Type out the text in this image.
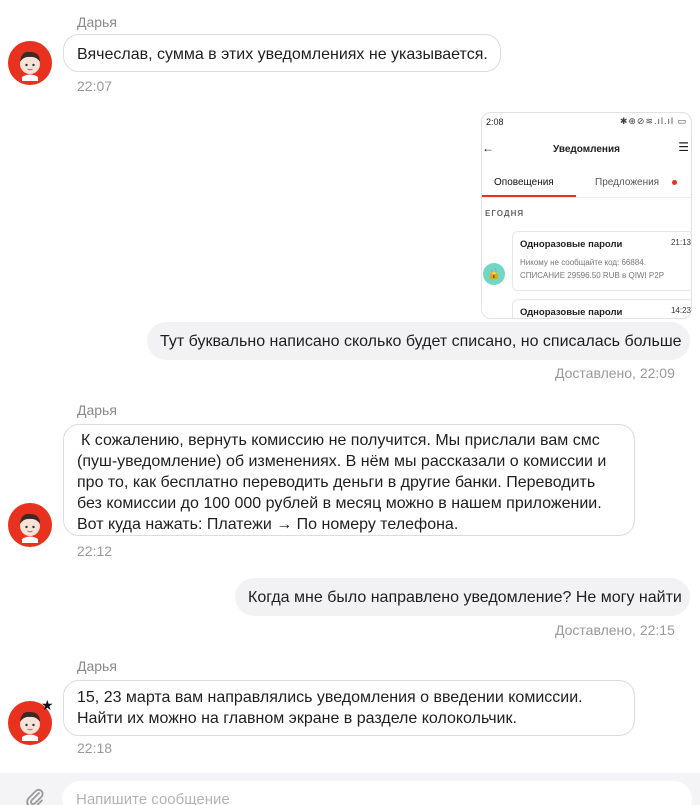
Дарья
Вячеслав, сумма в этих уведомлениях не указывается.
22:07
2:08	✱⊕⊘≋.ıl.ıl ▭
←	Уведомления	☰
Оповещения	Предложения
ЕГОДНЯ
🔒
Одноразовые пароли	21:13
Никому не сообщайте код: 66884.
СПИСАНИЕ 29596.50 RUB в QIWI P2P
Одноразовые пароли	14:23
Тут буквально написано сколько будет списано, но списалась больше
Доставлено, 22:09
Дарья
К сожалению, вернуть комиссию не получится. Мы прислали вам смс (пуш-уведомление) об изменениях. В нём мы рассказали о комиссии и про то, как бесплатно переводить деньги в другие банки. Переводить без комиссии до 100 000 рублей в месяц можно в нашем приложении. Вот куда нажать: Платежи → По номеру телефона.
22:12
Когда мне было направлено уведомление? Не могу найти
Доставлено, 22:15
Дарья
15, 23 марта вам направлялись уведомления о введении комиссии. Найти их можно на главном экране в разделе колокольчик.
★
22:18
Напишите сообщение
